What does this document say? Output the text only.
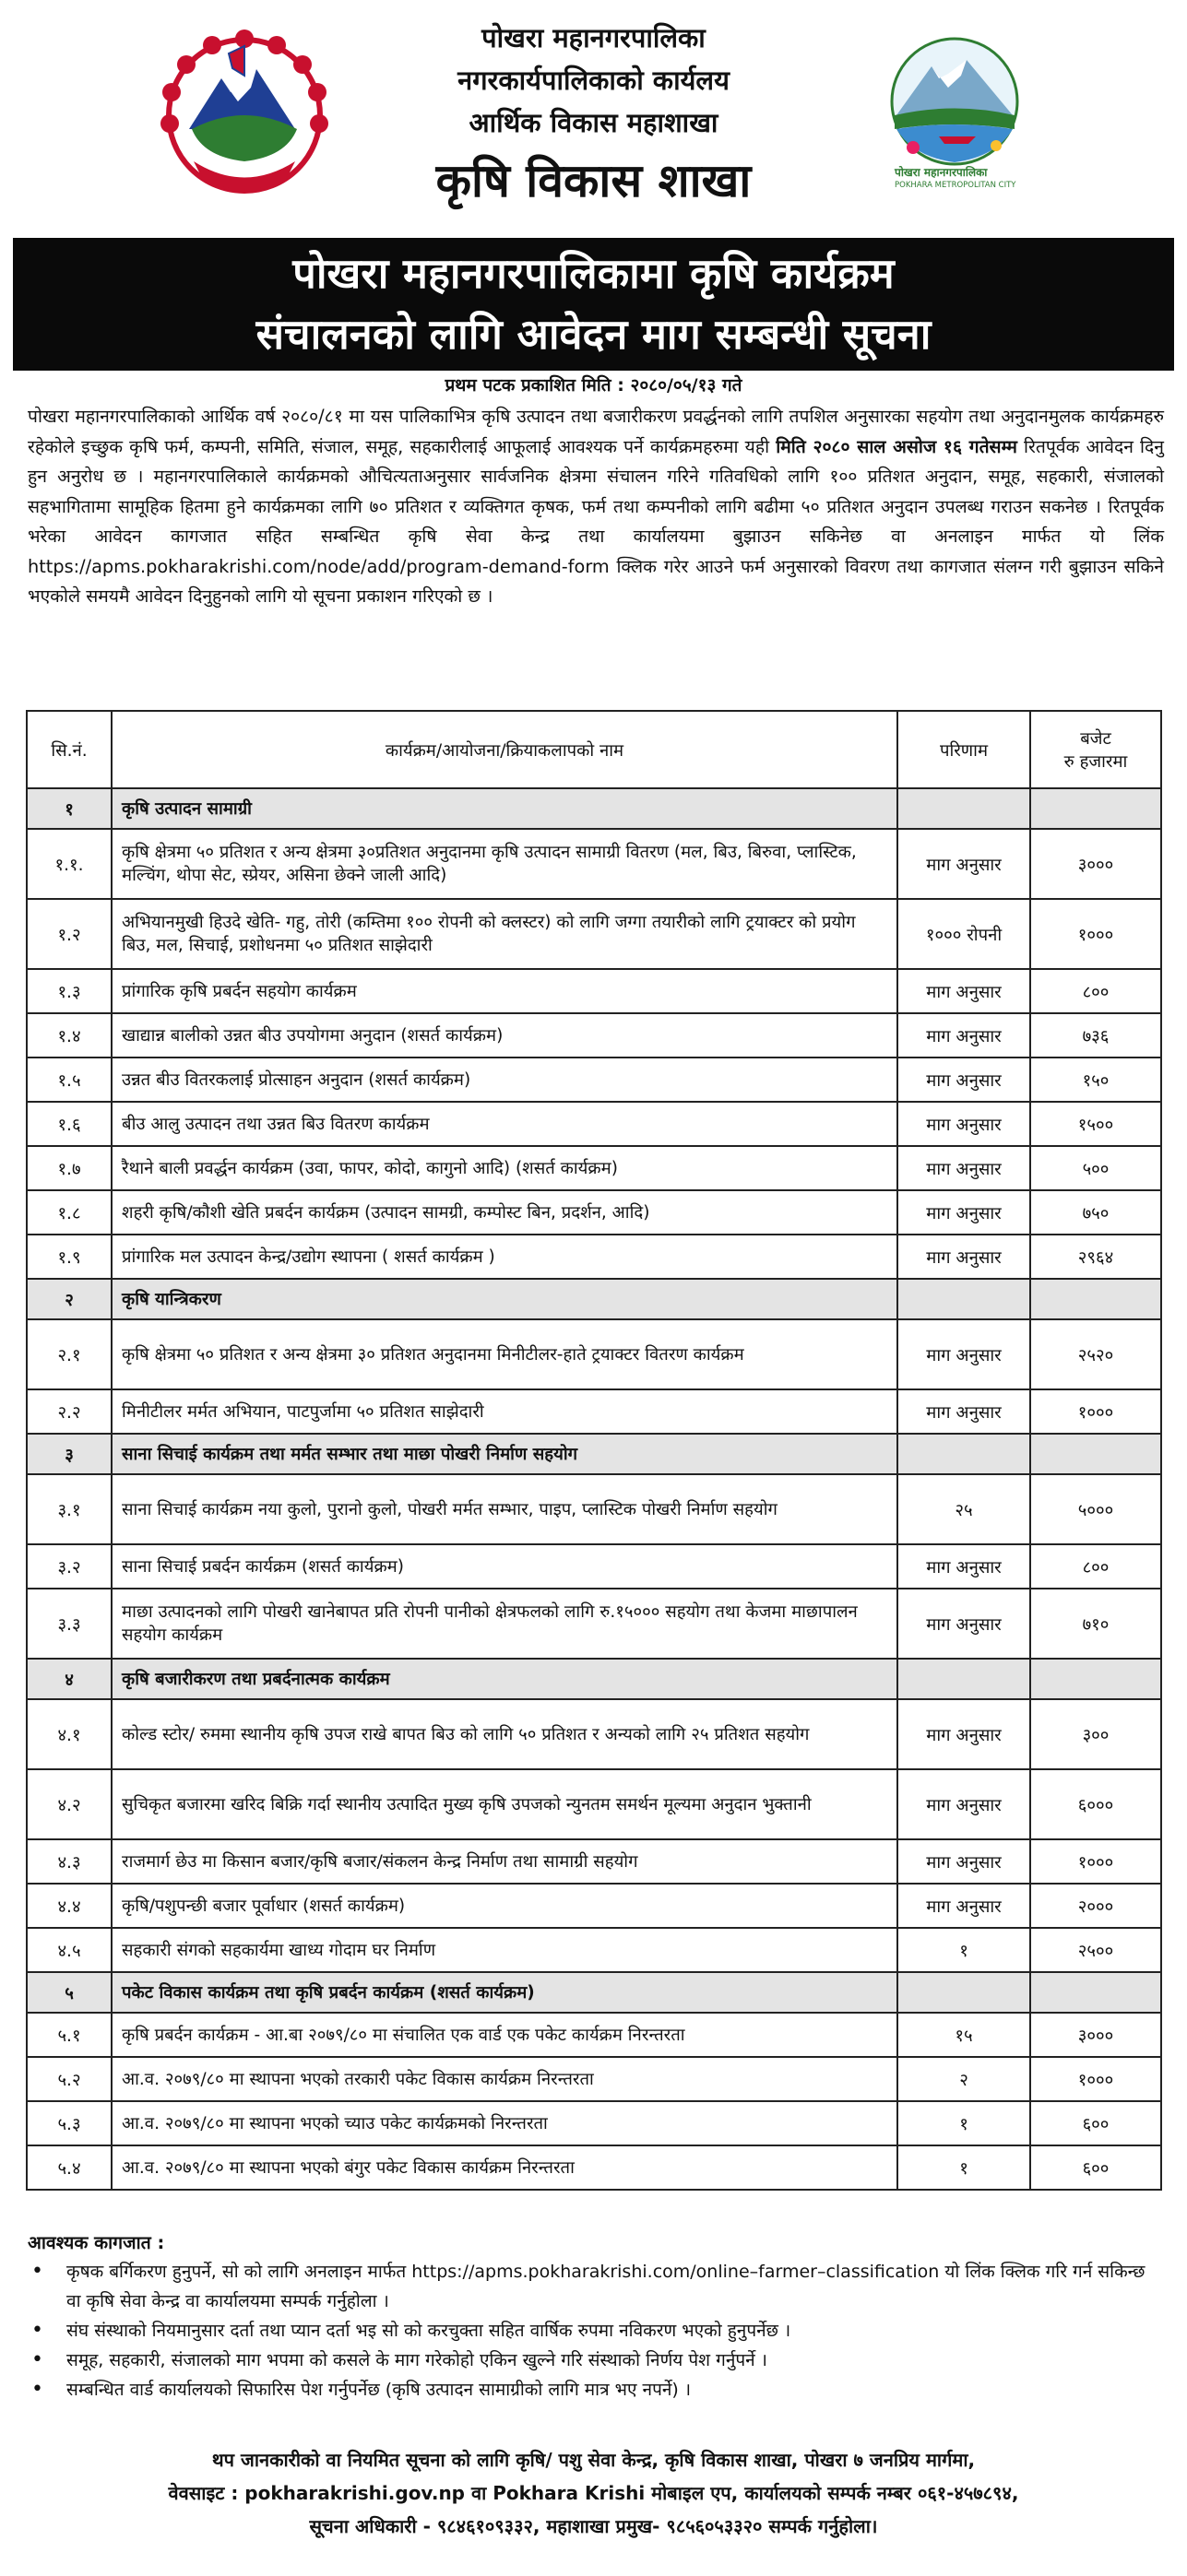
पोखरा महानगरपालिका
नगरकार्यपालिकाको कार्यलय
आर्थिक विकास महाशाखा
कृषि विकास शाखा	पोखरा महानगरपालिका
POKHARA METROPOLITAN CITY
पोखरा महानगरपालिकामा कृषि कार्यक्रम
संचालनको लागि आवेदन माग सम्बन्धी सूचना
प्रथम पटक प्रकाशित मिति : २०८०/०५/१३ गते
पोखरा महानगरपालिकाको आर्थिक वर्ष २०८०/८१ मा यस पालिकाभित्र कृषि उत्पादन तथा बजारीकरण प्रवर्द्धनको लागि तपशिल अनुसारका सहयोग तथा अनुदानमुलक कार्यक्रमहरु रहेकोले इच्छुक कृषि फर्म, कम्पनी, समिति, संजाल, समूह, सहकारीलाई आफूलाई आवश्यक पर्ने कार्यक्रमहरुमा यही मिति २०८० साल असोज १६ गतेसम्म रितपूर्वक आवेदन दिनु हुन अनुरोध छ । महानगरपालिकाले कार्यक्रमको औचित्यताअनुसार सार्वजनिक क्षेत्रमा संचालन गरिने गतिवधिको लागि १०० प्रतिशत अनुदान, समूह, सहकारी, संजालको सहभागितामा सामूहिक हितमा हुने कार्यक्रमका लागि ७० प्रतिशत र व्यक्तिगत कृषक, फर्म तथा कम्पनीको लागि बढीमा ५० प्रतिशत अनुदान उपलब्ध गराउन सकनेछ । रितपूर्वक भरेका आवेदन कागजात सहित सम्बन्धित कृषि सेवा केन्द्र तथा कार्यालयमा बुझाउन सकिनेछ वा अनलाइन मार्फत यो लिंक https://apms.pokharakrishi.com/node/add/program-demand-form क्लिक गरेर आउने फर्म अनुसारको विवरण तथा कागजात संलग्न गरी बुझाउन सकिने भएकोले समयमै आवेदन दिनुहुनको लागि यो सूचना प्रकाशन गरिएको छ ।
सि.नं.	कार्यक्रम/आयोजना/क्रियाकलापको नाम	परिणाम	बजेट
रु हजारमा

१	कृषि उत्पादन सामाग्री		
१.१.	कृषि क्षेत्रमा ५० प्रतिशत र अन्य क्षेत्रमा ३०प्रतिशत अनुदानमा कृषि उत्पादन सामाग्री वितरण (मल, बिउ, बिरुवा, प्लास्टिक, मल्चिंग, थोपा सेट, स्प्रेयर, असिना छेक्ने जाली आदि)	माग अनुसार	३०००
१.२	अभियानमुखी हिउदे खेति- गहु, तोरी (कम्तिमा १०० रोपनी को क्लस्टर) को लागि जग्गा तयारीको लागि ट्रयाक्टर को प्रयोग बिउ, मल, सिचाई, प्रशोधनमा ५० प्रतिशत साझेदारी	१००० रोपनी	१०००
१.३	प्रांगारिक कृषि प्रबर्दन सहयोग कार्यक्रम	माग अनुसार	८००
१.४	खाद्यान्न बालीको उन्नत बीउ उपयोगमा अनुदान (शसर्त कार्यक्रम)	माग अनुसार	७३६
१.५	उन्नत बीउ वितरकलाई प्रोत्साहन अनुदान (शसर्त कार्यक्रम)	माग अनुसार	१५०
१.६	बीउ आलु उत्पादन तथा उन्नत बिउ वितरण कार्यक्रम	माग अनुसार	१५००
१.७	रैथाने बाली प्रवर्द्धन कार्यक्रम (उवा, फापर, कोदो, कागुनो आदि) (शसर्त कार्यक्रम)	माग अनुसार	५००
१.८	शहरी कृषि/कौशी खेति प्रबर्दन कार्यक्रम (उत्पादन सामग्री, कम्पोस्ट बिन, प्रदर्शन, आदि)	माग अनुसार	७५०
१.९	प्रांगारिक मल उत्पादन केन्द्र/उद्योग स्थापना ( शसर्त कार्यक्रम )	माग अनुसार	२९६४
२	कृषि यान्त्रिकरण		
२.१	कृषि क्षेत्रमा ५० प्रतिशत र अन्य क्षेत्रमा ३० प्रतिशत अनुदानमा मिनीटीलर-हाते ट्रयाक्टर वितरण कार्यक्रम	माग अनुसार	२५२०
२.२	मिनीटीलर मर्मत अभियान, पाटपुर्जामा ५० प्रतिशत साझेदारी	माग अनुसार	१०००
३	साना सिचाई कार्यक्रम तथा मर्मत सम्भार तथा माछा पोखरी निर्माण सहयोग		
३.१	साना सिचाई कार्यक्रम नया कुलो, पुरानो कुलो, पोखरी मर्मत सम्भार, पाइप, प्लास्टिक पोखरी निर्माण सहयोग	२५	५०००
३.२	साना सिचाई प्रबर्दन कार्यक्रम (शसर्त कार्यक्रम)	माग अनुसार	८००
३.३	माछा उत्पादनको लागि पोखरी खानेबापत प्रति रोपनी पानीको क्षेत्रफलको लागि रु.१५००० सहयोग तथा केजमा माछापालन सहयोग कार्यक्रम	माग अनुसार	७१०
४	कृषि बजारीकरण तथा प्रबर्दनात्मक कार्यक्रम		
४.१	कोल्ड स्टोर/ रुममा स्थानीय कृषि उपज राखे बापत बिउ को लागि ५० प्रतिशत र अन्यको लागि २५ प्रतिशत सहयोग	माग अनुसार	३००
४.२	सुचिकृत बजारमा खरिद बिक्रि गर्दा स्थानीय उत्पादित मुख्य कृषि उपजको न्युनतम समर्थन मूल्यमा अनुदान भुक्तानी	माग अनुसार	६०००
४.३	राजमार्ग छेउ मा किसान बजार/कृषि बजार/संकलन केन्द्र निर्माण तथा सामाग्री सहयोग	माग अनुसार	१०००
४.४	कृषि/पशुपन्छी बजार पूर्वाधार (शसर्त कार्यक्रम)	माग अनुसार	२०००
४.५	सहकारी संगको सहकार्यमा खाध्य गोदाम घर निर्माण	१	२५००
५	पकेट विकास कार्यक्रम तथा कृषि प्रबर्दन कार्यक्रम (शसर्त कार्यक्रम)		
५.१	कृषि प्रबर्दन कार्यक्रम - आ.बा २०७९/८० मा संचालित एक वार्ड एक पकेट कार्यक्रम निरन्तरता	१५	३०००
५.२	आ.व. २०७९/८० मा स्थापना भएको तरकारी पकेट विकास कार्यक्रम निरन्तरता	२	१०००
५.३	आ.व. २०७९/८० मा स्थापना भएको च्याउ पकेट कार्यक्रमको निरन्तरता	१	६००
५.४	आ.व. २०७९/८० मा स्थापना भएको बंगुर पकेट विकास कार्यक्रम निरन्तरता	१	६००
आवश्यक कागजात :
• कृषक बर्गिकरण हुनुपर्ने, सो को लागि अनलाइन मार्फत https://apms.pokharakrishi.com/online–farmer–classification यो लिंक क्लिक गरि गर्न सकिन्छ वा कृषि सेवा केन्द्र वा कार्यालयमा सम्पर्क गर्नुहोला ।
• संघ संस्थाको नियमानुसार दर्ता तथा प्यान दर्ता भइ सो को करचुक्ता सहित वार्षिक रुपमा नविकरण भएको हुनुपर्नेछ ।
• समूह, सहकारी, संजालको माग भपमा को कसले के माग गरेकोहो एकिन खुल्ने गरि संस्थाको निर्णय पेश गर्नुपर्ने ।
• सम्बन्धित वार्ड कार्यालयको सिफारिस पेश गर्नुपर्नेछ (कृषि उत्पादन सामाग्रीको लागि मात्र भए नपर्ने) ।
थप जानकारीको वा नियमित सूचना को लागि कृषि/ पशु सेवा केन्द्र, कृषि विकास शाखा, पोखरा ७ जनप्रिय मार्गमा,
वेवसाइट : pokharakrishi.gov.np वा Pokhara Krishi मोबाइल एप, कार्यालयको सम्पर्क नम्बर ०६१-४५७८९४,
सूचना अधिकारी - ९८४६१०९३३२, महाशाखा प्रमुख- ९८५६०५३३२० सम्पर्क गर्नुहोला।
